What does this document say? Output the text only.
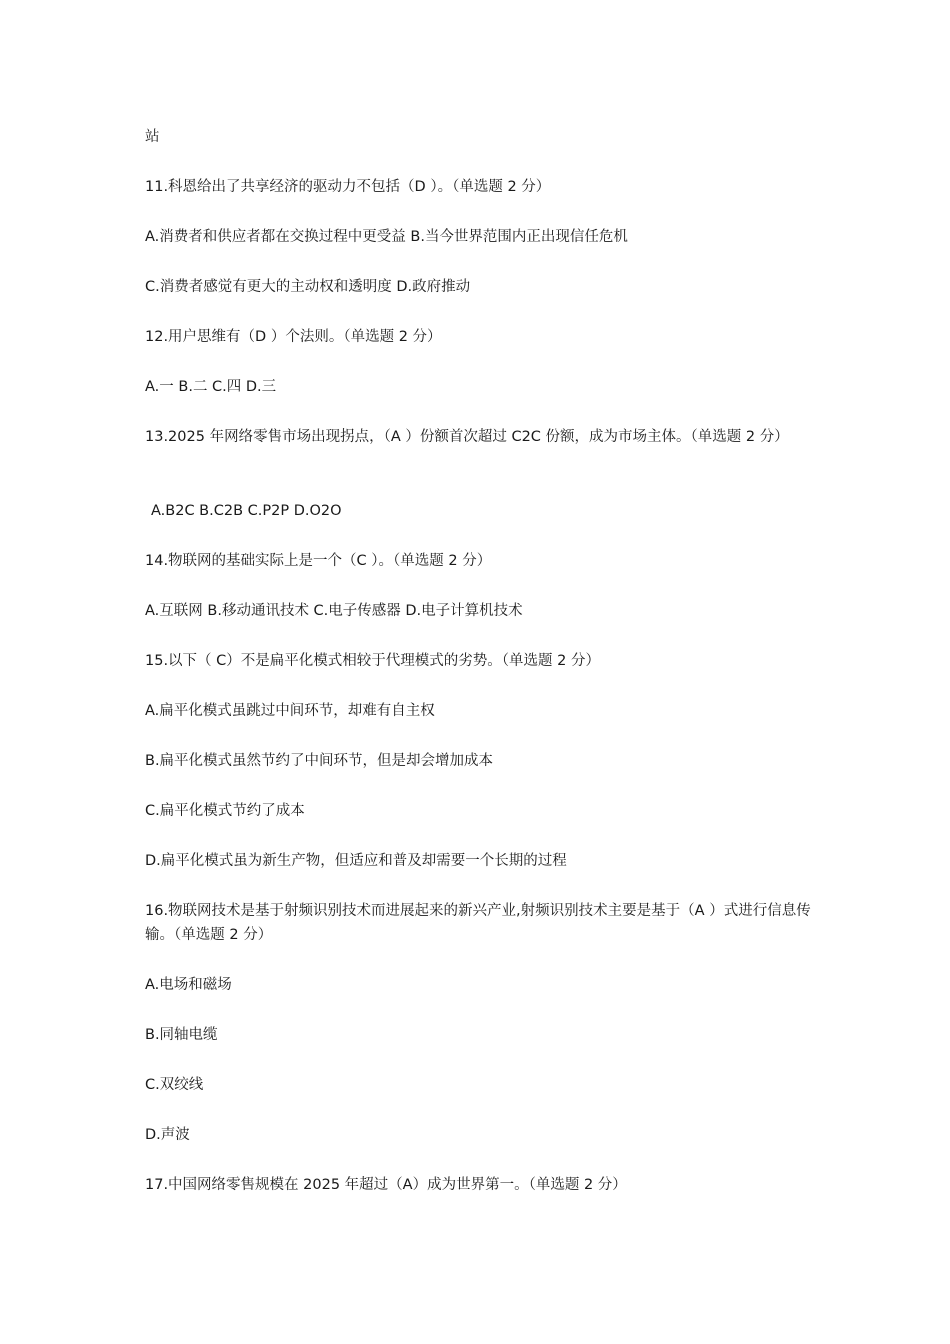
站
11.科恩给出了共享经济的驱动力不包括（D ）。（单选题 2 分）
A.消费者和供应者都在交换过程中更受益 B.当今世界范围内正出现信任危机
C.消费者感觉有更大的主动权和透明度 D.政府推动
12.用户思维有（D ）个法则。（单选题 2 分）
A.一 B.二 C.四 D.三
13.2025 年网络零售市场出现拐点，（A ）份额首次超过 C2C 份额，成为市场主体。（单选题 2 分）
A.B2C B.C2B C.P2P D.O2O
14.物联网的基础实际上是一个（C ）。（单选题 2 分）
A.互联网 B.移动通讯技术 C.电子传感器 D.电子计算机技术
15.以下（ C）不是扁平化模式相较于代理模式的劣势。（单选题 2 分）
A.扁平化模式虽跳过中间环节，却难有自主权
B.扁平化模式虽然节约了中间环节，但是却会增加成本
C.扁平化模式节约了成本
D.扁平化模式虽为新生产物，但适应和普及却需要一个长期的过程
16.物联网技术是基于射频识别技术而进展起来的新兴产业,射频识别技术主要是基于（A ）式进行信息传输。（单选题 2 分）
A.电场和磁场
B.同轴电缆
C.双绞线
D.声波
17.中国网络零售规模在 2025 年超过（A）成为世界第一。（单选题 2 分）
